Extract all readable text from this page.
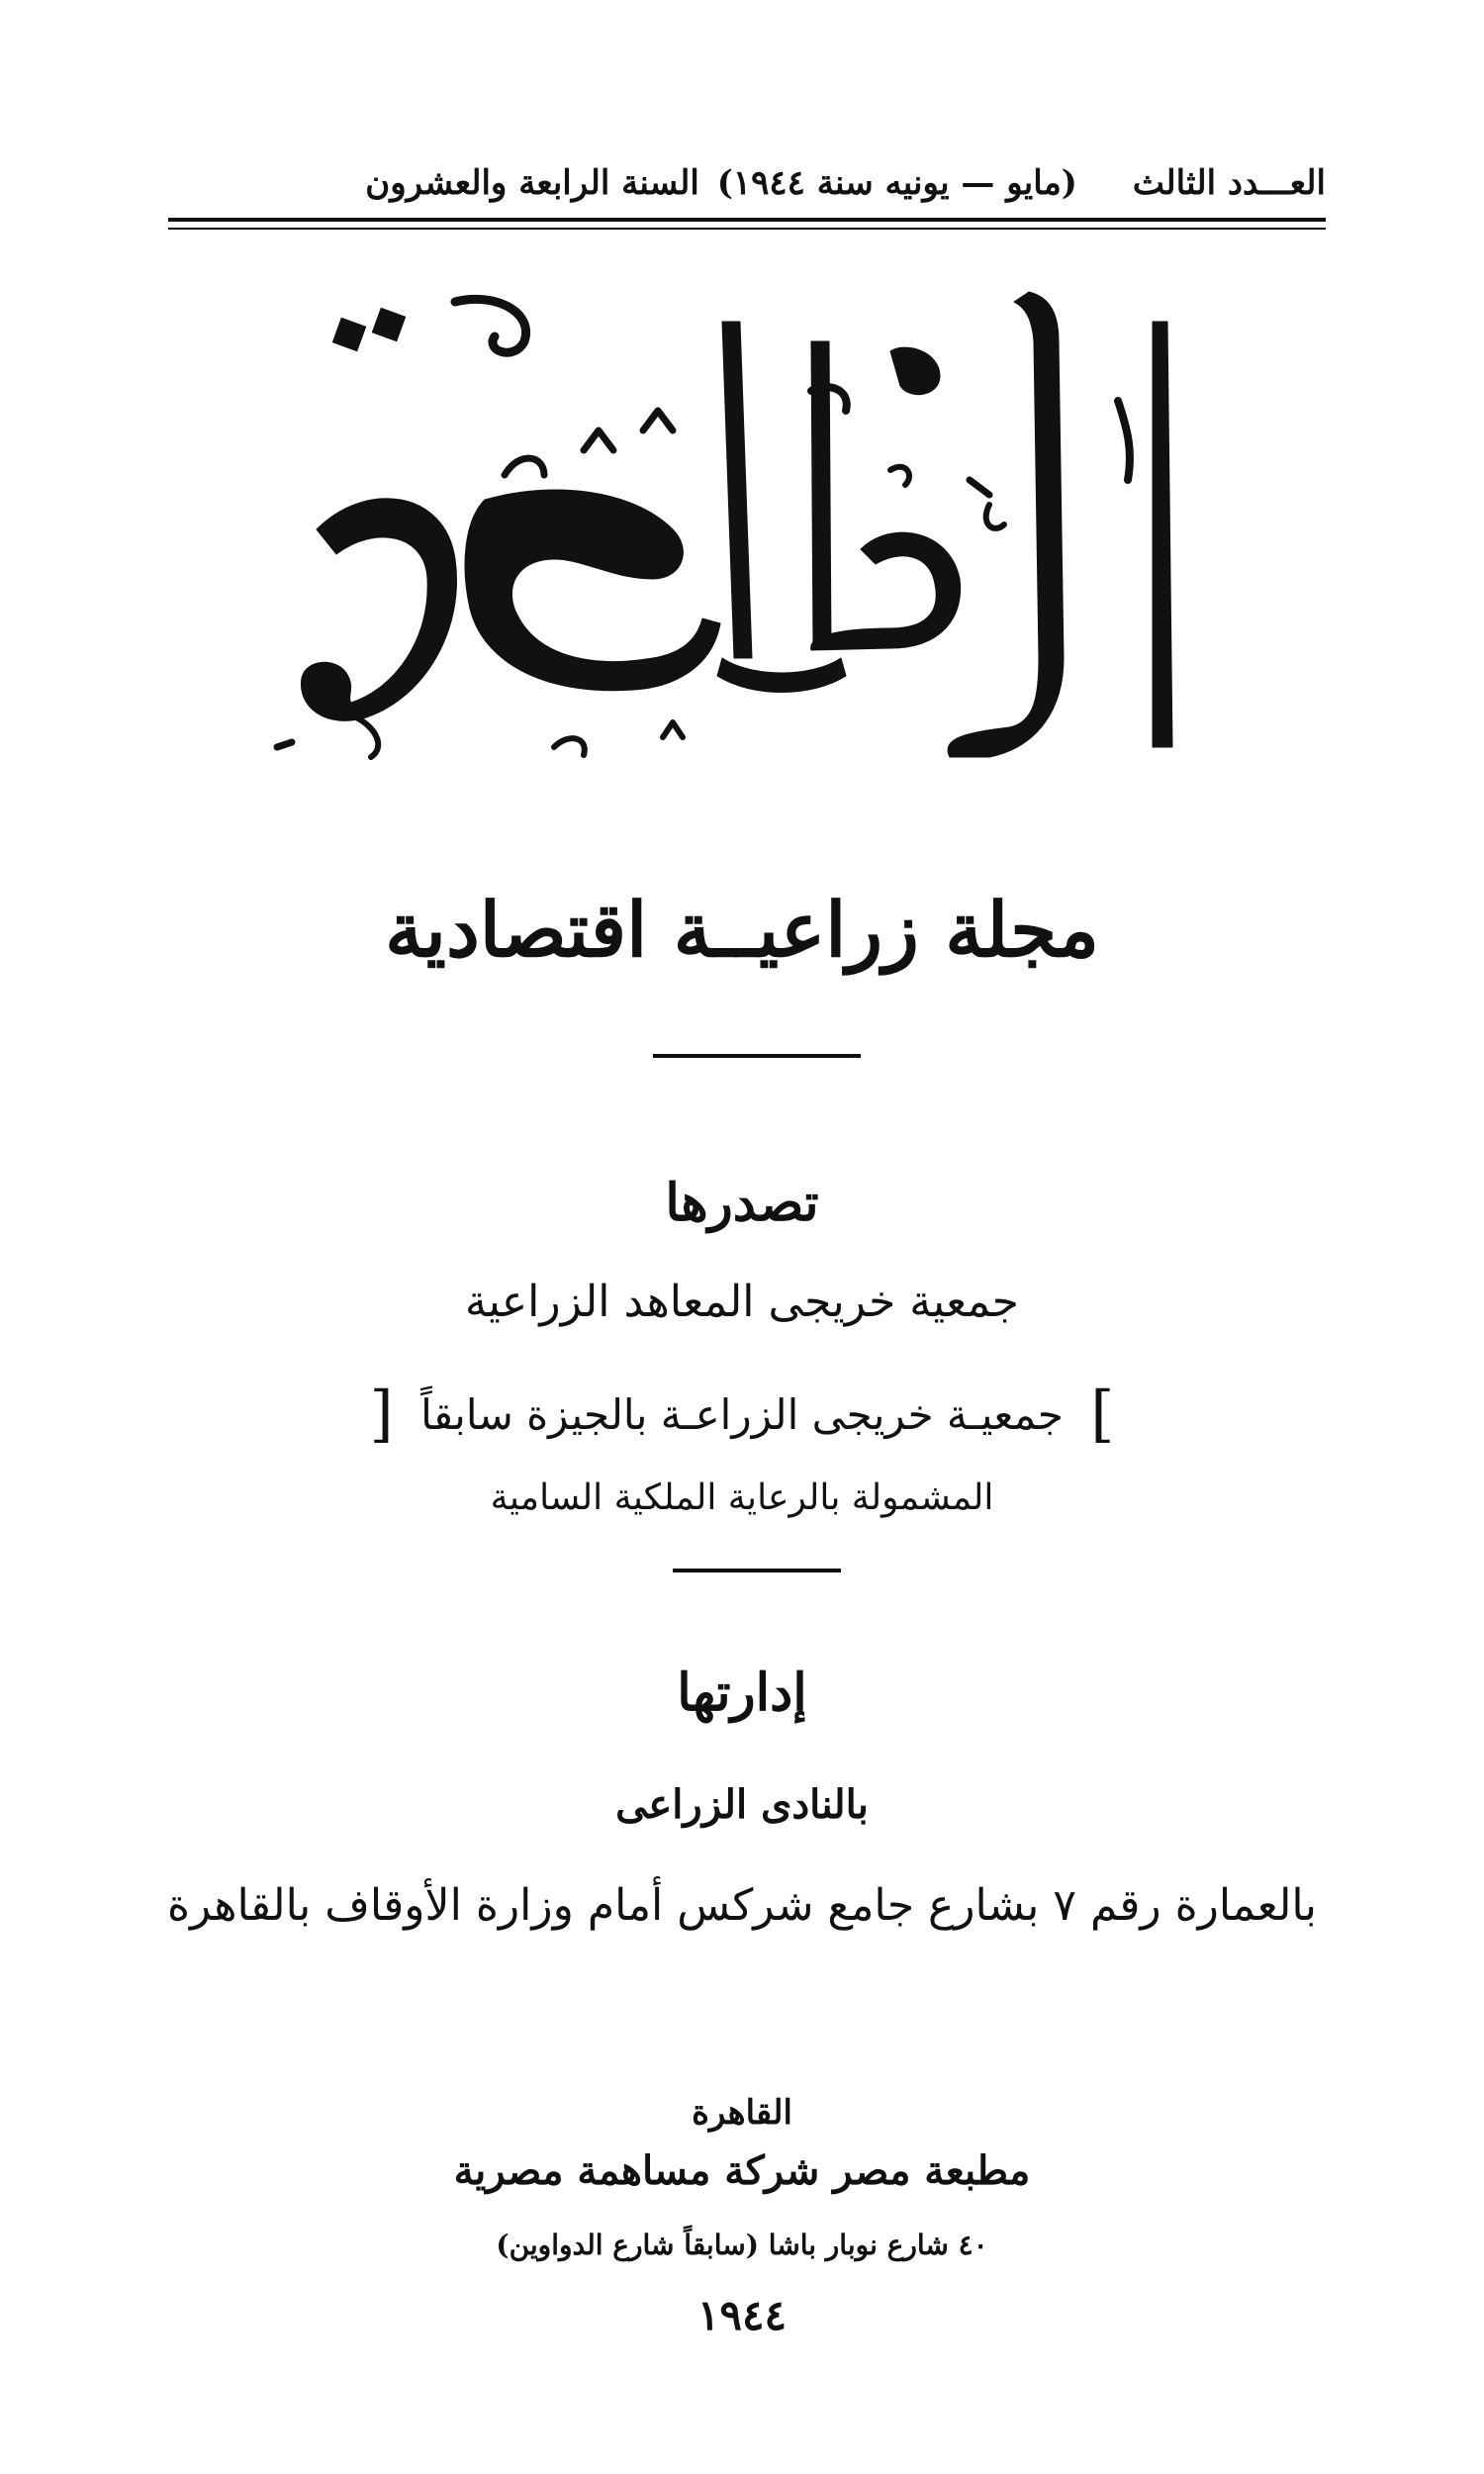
العـــدد الثالث
(مايو — يونيه سنة ١٩٤٤)
السنة الرابعة والعشرون
مجلة زراعيــة اقتصادية
تصدرها
جمعية خريجى المعاهد الزراعية
] جمعيـة خريجى الزراعـة بالجيزة سابقاً [
المشمولة بالرعاية الملكية السامية
إدارتها
بالنادى الزراعى
بالعمارة رقم ٧ بشارع جامع شركس أمام وزارة الأوقاف بالقاهرة
القاهرة
مطبعة مصر شركة مساهمة مصرية
٤٠ شارع نوبار باشا (سابقاً شارع الدواوين)
١٩٤٤
